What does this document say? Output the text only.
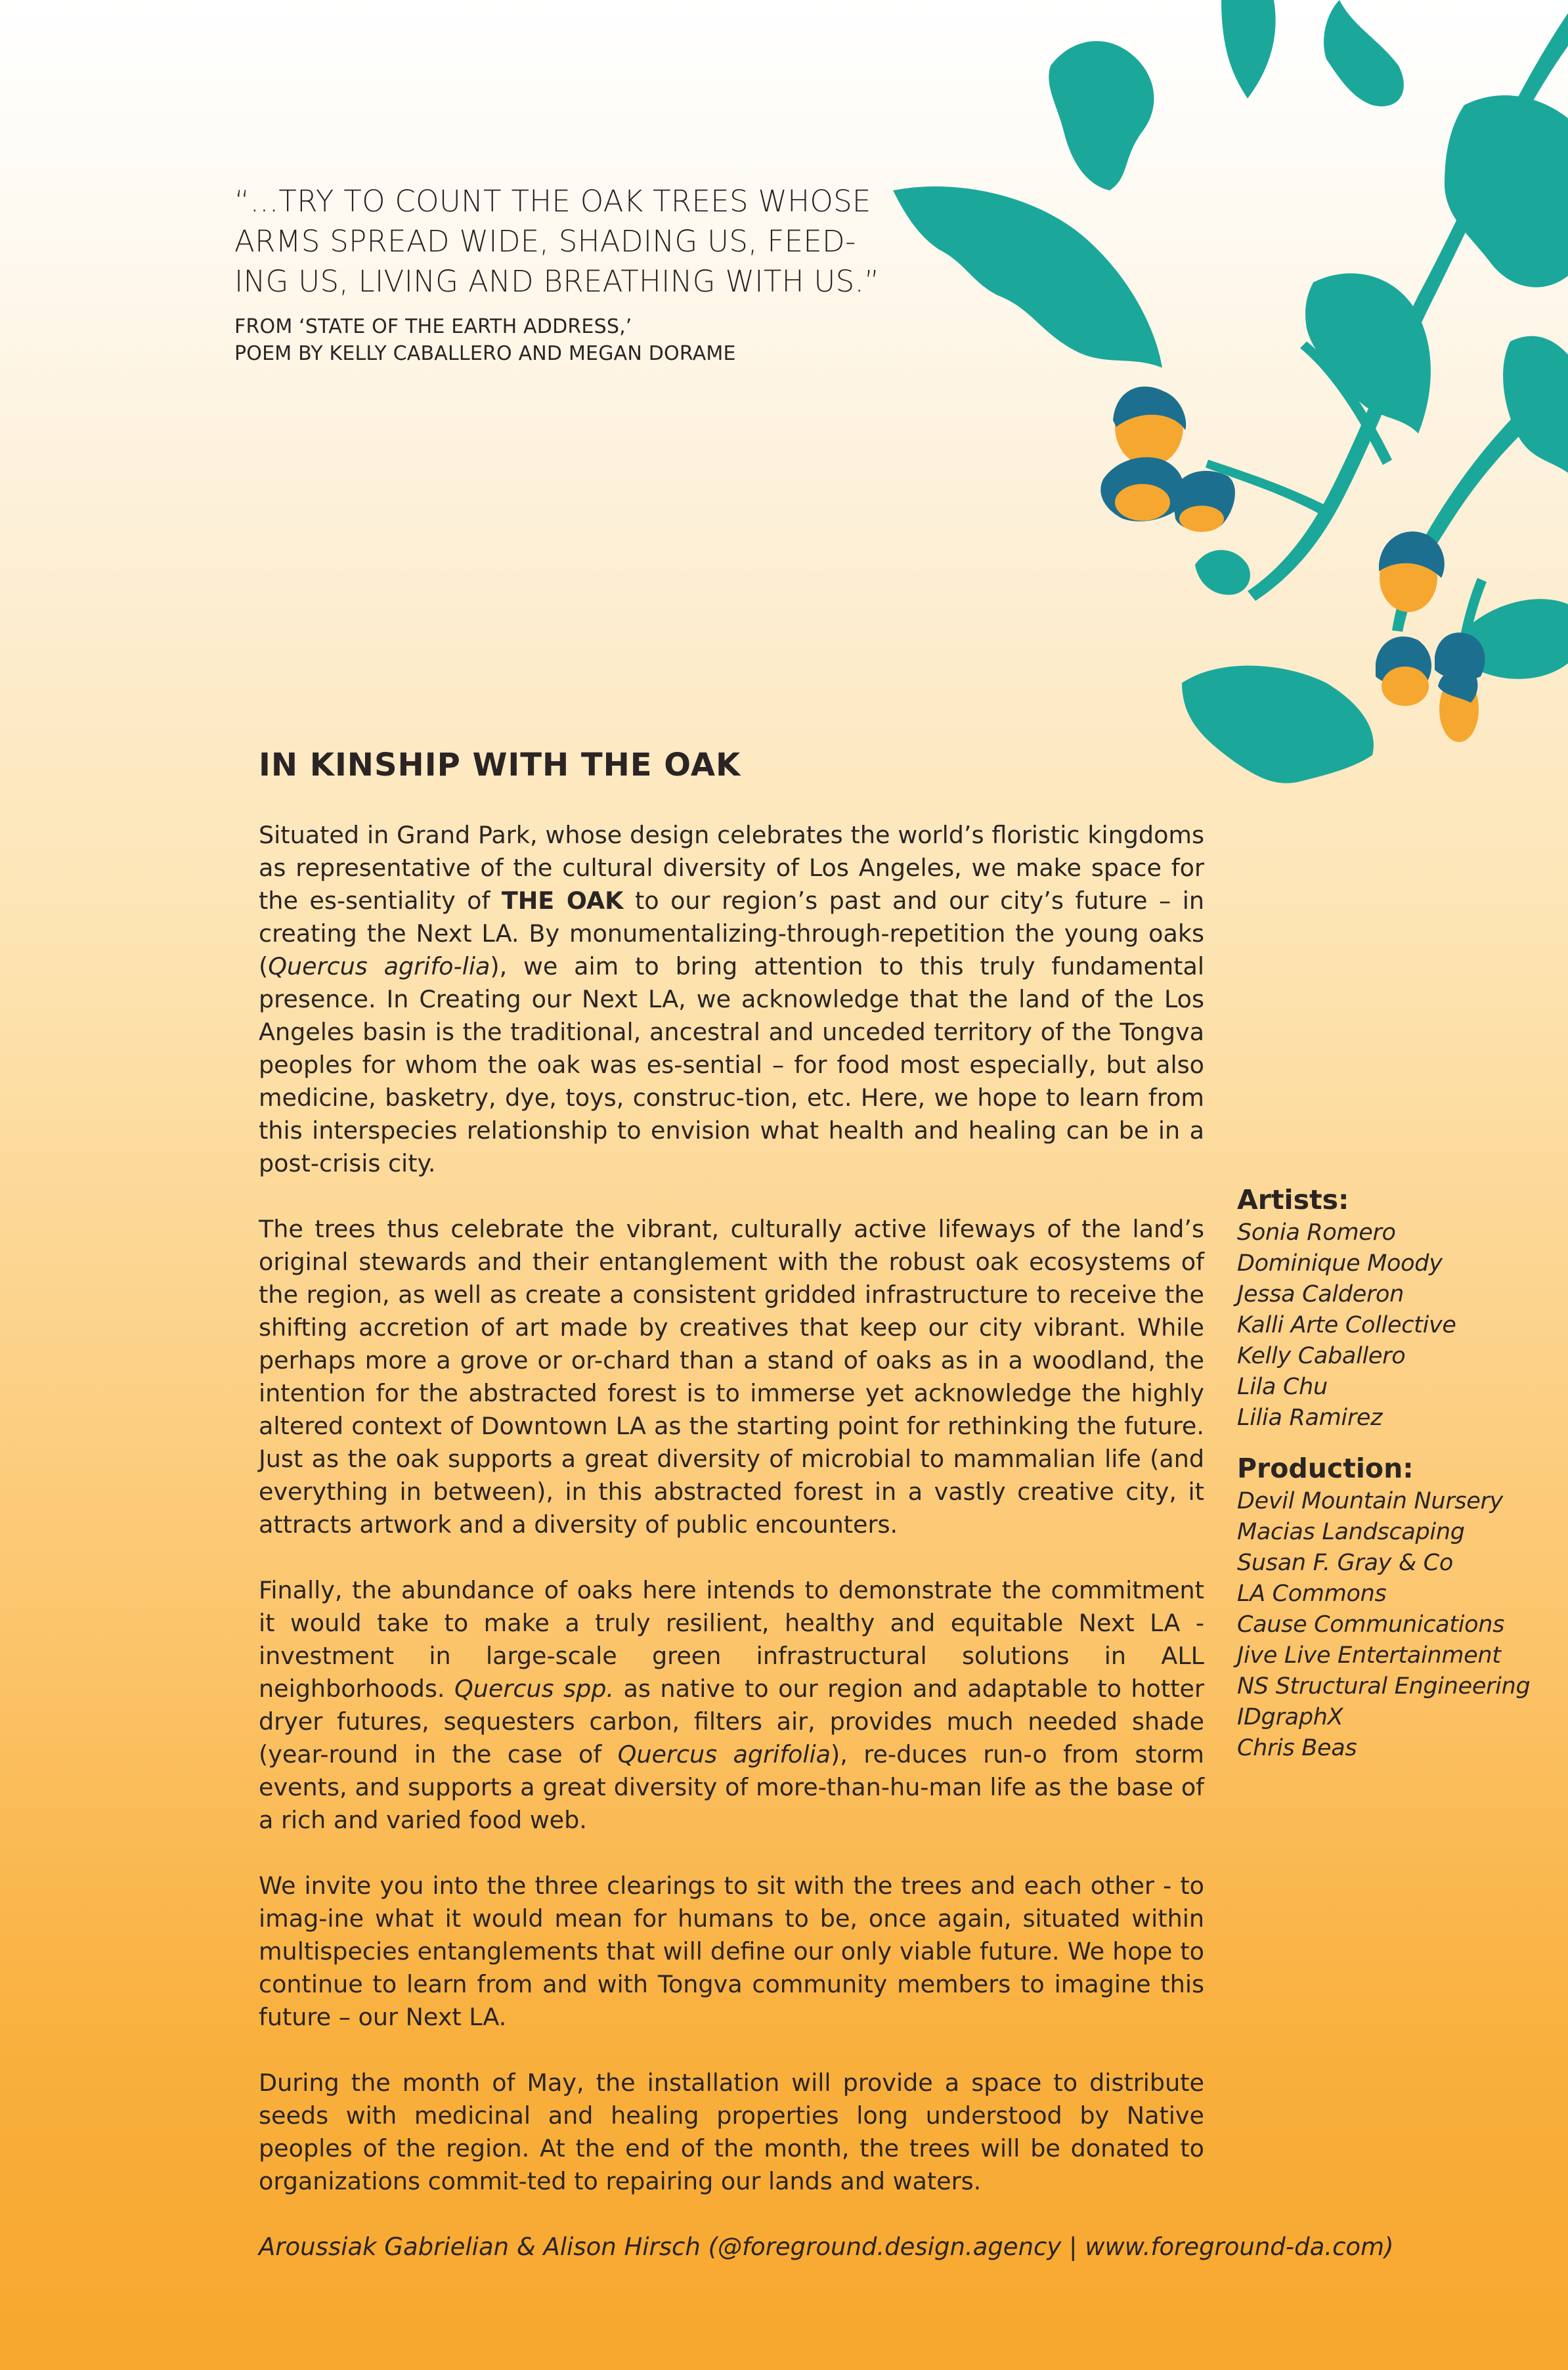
“...TRY TO COUNT THE OAK TREES WHOSE ARMS SPREAD WIDE, SHADING US, FEED-ING US, LIVING AND BREATHING WITH US.”

FROM ‘STATE OF THE EARTH ADDRESS,’
POEM BY KELLY CABALLERO AND MEGAN DORAME
IN KINSHIP WITH THE OAK

Situated in Grand Park, whose design celebrates the world’s floristic kingdoms as representative of the cultural diversity of Los Angeles, we make space for the es-sentiality of THE OAK to our region’s past and our city’s future – in creating the Next LA. By monumentalizing-through-repetition the young oaks (Quercus agrifo-lia), we aim to bring attention to this truly fundamental presence. In Creating our Next LA, we acknowledge that the land of the Los Angeles basin is the traditional, ancestral and unceded territory of the Tongva peoples for whom the oak was es-sential – for food most especially, but also medicine, basketry, dye, toys, construc-tion, etc. Here, we hope to learn from this interspecies relationship to envision what health and healing can be in a post-crisis city.

The trees thus celebrate the vibrant, culturally active lifeways of the land’s original stewards and their entanglement with the robust oak ecosystems of the region, as well as create a consistent gridded infrastructure to receive the shifting accretion of art made by creatives that keep our city vibrant. While perhaps more a grove or or-chard than a stand of oaks as in a woodland, the intention for the abstracted forest is to immerse yet acknowledge the highly altered context of Downtown LA as the starting point for rethinking the future. Just as the oak supports a great diversity of microbial to mammalian life (and everything in between), in this abstracted forest in a vastly creative city, it attracts artwork and a diversity of public encounters.

Finally, the abundance of oaks here intends to demonstrate the commitment it would take to make a truly resilient, healthy and equitable Next LA - investment in large-scale green infrastructural solutions in ALL neighborhoods. Quercus spp. as native to our region and adaptable to hotter dryer futures, sequesters carbon, filters air, provides much needed shade (year-round in the case of Quercus agrifolia), re-duces run-o from storm events, and supports a great diversity of more-than-hu-man life as the base of a rich and varied food web.

We invite you into the three clearings to sit with the trees and each other - to imag-ine what it would mean for humans to be, once again, situated within multispecies entanglements that will define our only viable future. We hope to continue to learn from and with Tongva community members to imagine this future – our Next LA.

During the month of May, the installation will provide a space to distribute seeds with medicinal and healing properties long understood by Native peoples of the region. At the end of the month, the trees will be donated to organizations commit-ted to repairing our lands and waters.

Aroussiak Gabrielian & Alison Hirsch (@foreground.design.agency | www.foreground-da.com)
Artists:
Sonia Romero
Dominique Moody
Jessa Calderon
Kalli Arte Collective
Kelly Caballero
Lila Chu
Lilia Ramirez
Production:
Devil Mountain Nursery
Macias Landscaping
Susan F. Gray & Co
LA Commons
Cause Communications
Jive Live Entertainment
NS Structural Engineering
IDgraphX
Chris Beas
